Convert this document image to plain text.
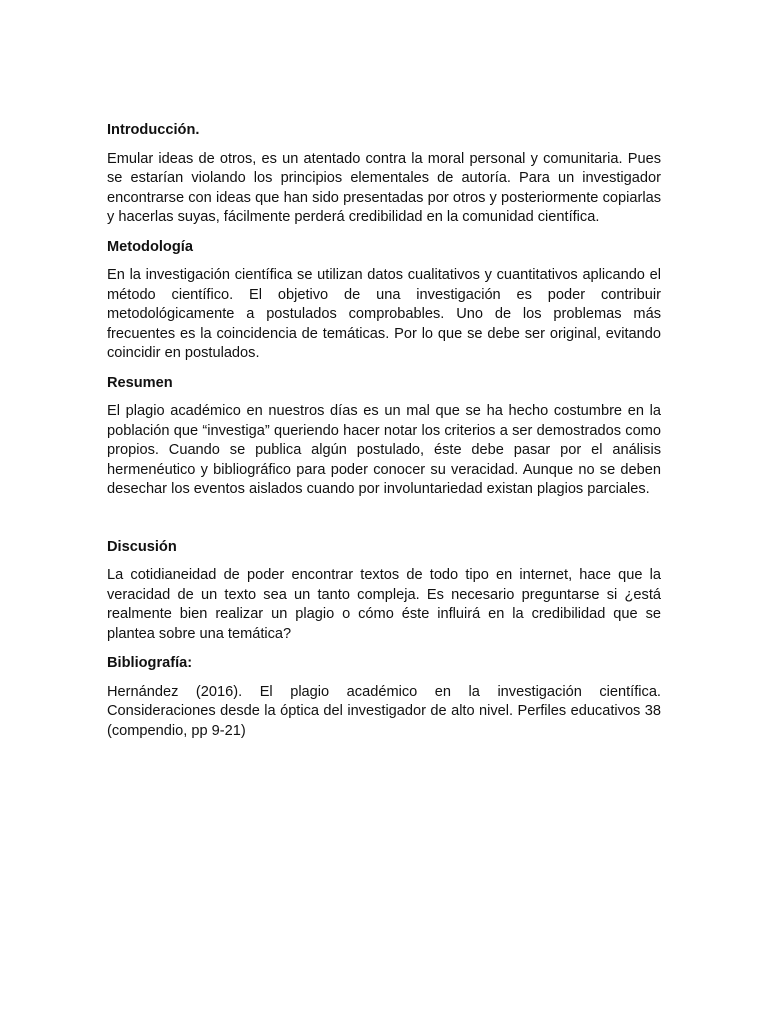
Introducción.

Emular ideas de otros, es un atentado contra la moral personal y comunitaria. Pues se estarían violando los principios elementales de autoría. Para un investigador encontrarse con ideas que han sido presentadas por otros y posteriormente copiarlas y hacerlas suyas, fácilmente perderá credibilidad en la comunidad científica.

Metodología

En la investigación científica se utilizan datos cualitativos y cuantitativos aplicando el método científico. El objetivo de una investigación es poder contribuir metodológicamente a postulados comprobables. Uno de los problemas más frecuentes es la coincidencia de temáticas. Por lo que se debe ser original, evitando coincidir en postulados.

Resumen

El plagio académico en nuestros días es un mal que se ha hecho costumbre en la población que “investiga” queriendo hacer notar los criterios a ser demostrados como propios. Cuando se publica algún postulado, éste debe pasar por el análisis hermenéutico y bibliográfico para poder conocer su veracidad. Aunque no se deben desechar los eventos aislados cuando por involuntariedad existan plagios parciales.

Discusión

La cotidianeidad de poder encontrar textos de todo tipo en internet, hace que la veracidad de un texto sea un tanto compleja. Es necesario preguntarse si ¿está realmente bien realizar un plagio o cómo éste influirá en la credibilidad que se plantea sobre una temática?

Bibliografía:

Hernández (2016). El plagio académico en la investigación científica. Consideraciones desde la óptica del investigador de alto nivel. Perfiles educativos 38 (compendio, pp 9-21)
